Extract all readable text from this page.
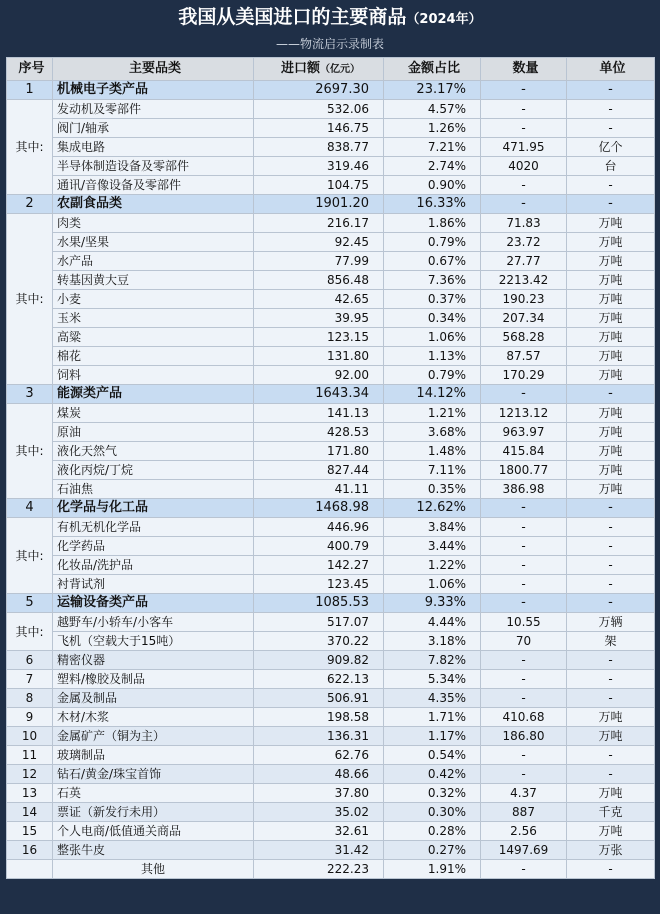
我国从美国进口的主要商品（2024年）
——物流启示录制表
序号	主要品类	进口额（亿元）	金额占比	数量	单位
1	机械电子类产品	2697.30	23.17%	-	-
其中:	发动机及零部件	532.06	4.57%	-	-
	阀门/轴承	146.75	1.26%	-	-
	集成电路	838.77	7.21%	471.95	亿个
	半导体制造设备及零部件	319.46	2.74%	4020	台
	通讯/音像设备及零部件	104.75	0.90%	-	-
2	农副食品类	1901.20	16.33%	-	-
其中:	肉类	216.17	1.86%	71.83	万吨
	水果/坚果	92.45	0.79%	23.72	万吨
	水产品	77.99	0.67%	27.77	万吨
	转基因黄大豆	856.48	7.36%	2213.42	万吨
	小麦	42.65	0.37%	190.23	万吨
	玉米	39.95	0.34%	207.34	万吨
	高粱	123.15	1.06%	568.28	万吨
	棉花	131.80	1.13%	87.57	万吨
	饲料	92.00	0.79%	170.29	万吨
3	能源类产品	1643.34	14.12%	-	-
其中:	煤炭	141.13	1.21%	1213.12	万吨
	原油	428.53	3.68%	963.97	万吨
	液化天然气	171.80	1.48%	415.84	万吨
	液化丙烷/丁烷	827.44	7.11%	1800.77	万吨
	石油焦	41.11	0.35%	386.98	万吨
4	化学品与化工品	1468.98	12.62%	-	-
其中:	有机无机化学品	446.96	3.84%	-	-
	化学药品	400.79	3.44%	-	-
	化妆品/洗护品	142.27	1.22%	-	-
	衬背试剂	123.45	1.06%	-	-
5	运输设备类产品	1085.53	9.33%	-	-
其中:	越野车/小轿车/小客车	517.07	4.44%	10.55	万辆
	飞机（空载大于15吨）	370.22	3.18%	70	架
6	精密仪器	909.82	7.82%	-	-
7	塑料/橡胶及制品	622.13	5.34%	-	-
8	金属及制品	506.91	4.35%	-	-
9	木材/木浆	198.58	1.71%	410.68	万吨
10	金属矿产（铜为主）	136.31	1.17%	186.80	万吨
11	玻璃制品	62.76	0.54%	-	-
12	钻石/黄金/珠宝首饰	48.66	0.42%	-	-
13	石英	37.80	0.32%	4.37	万吨
14	票证（新发行未用）	35.02	0.30%	887	千克
15	个人电商/低值通关商品	32.61	0.28%	2.56	万吨
16	整张牛皮	31.42	0.27%	1497.69	万张
	其他	222.23	1.91%	-	-
